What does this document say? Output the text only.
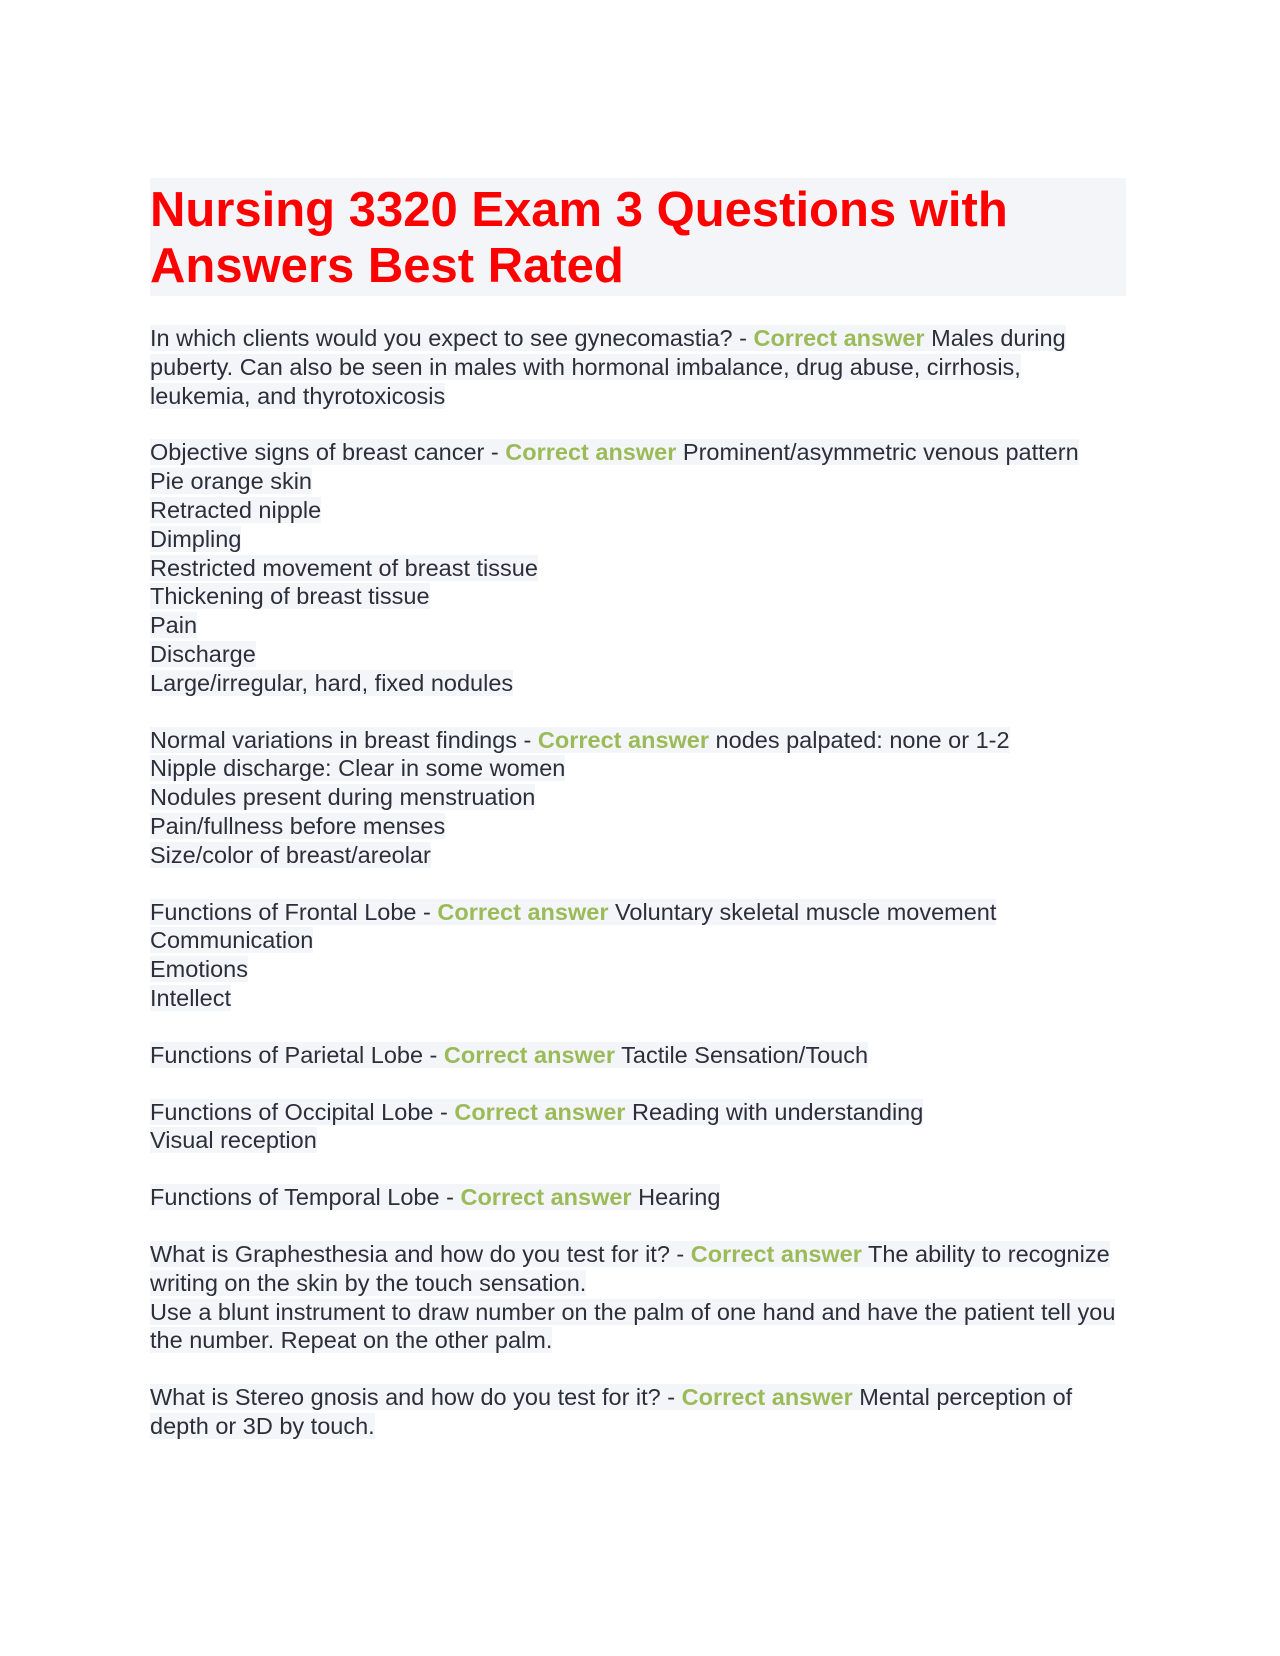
Nursing 3320 Exam 3 Questions with Answers Best Rated
In which clients would you expect to see gynecomastia? - Correct answer Males during puberty. Can also be seen in males with hormonal imbalance, drug abuse, cirrhosis, leukemia, and thyrotoxicosis
Objective signs of breast cancer - Correct answer Prominent/asymmetric venous pattern
Pie orange skin
Retracted nipple
Dimpling
Restricted movement of breast tissue
Thickening of breast tissue
Pain
Discharge
Large/irregular, hard, fixed nodules
Normal variations in breast findings - Correct answer nodes palpated: none or 1-2
Nipple discharge: Clear in some women
Nodules present during menstruation
Pain/fullness before menses
Size/color of breast/areolar
Functions of Frontal Lobe - Correct answer Voluntary skeletal muscle movement
Communication
Emotions
Intellect
Functions of Parietal Lobe - Correct answer Tactile Sensation/Touch
Functions of Occipital Lobe - Correct answer Reading with understanding
Visual reception
Functions of Temporal Lobe - Correct answer Hearing
What is Graphesthesia and how do you test for it? - Correct answer The ability to recognize writing on the skin by the touch sensation.
Use a blunt instrument to draw number on the palm of one hand and have the patient tell you the number. Repeat on the other palm.
What is Stereo gnosis and how do you test for it? - Correct answer Mental perception of depth or 3D by touch.
